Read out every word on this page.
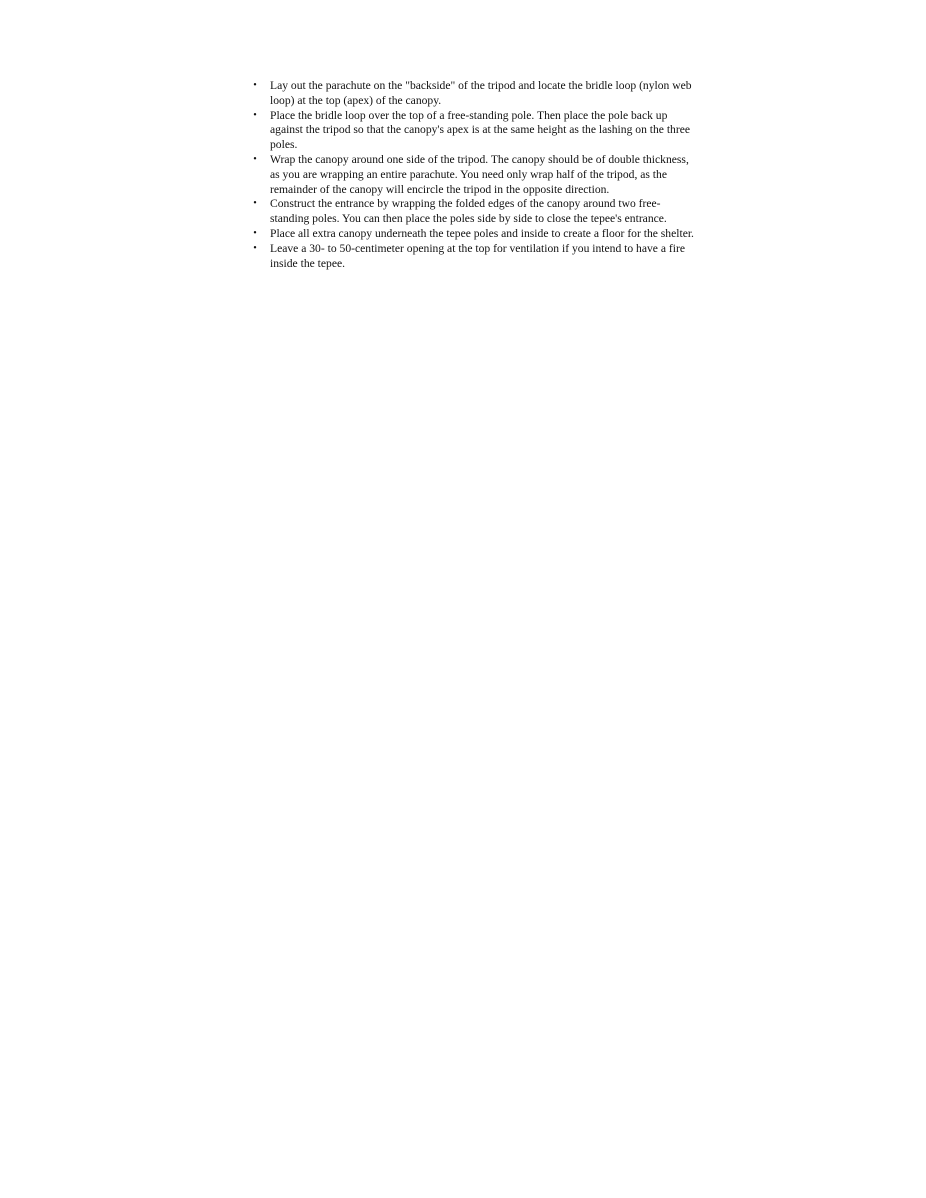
• Lay out the parachute on the "backside" of the tripod and locate the bridle loop (nylon web loop) at the top (apex) of the canopy.
• Place the bridle loop over the top of a free-standing pole. Then place the pole back up against the tripod so that the canopy's apex is at the same height as the lashing on the three poles.
• Wrap the canopy around one side of the tripod. The canopy should be of double thickness, as you are wrapping an entire parachute. You need only wrap half of the tripod, as the remainder of the canopy will encircle the tripod in the opposite direction.
• Construct the entrance by wrapping the folded edges of the canopy around two free-standing poles. You can then place the poles side by side to close the tepee's entrance.
• Place all extra canopy underneath the tepee poles and inside to create a floor for the shelter.
• Leave a 30- to 50-centimeter opening at the top for ventilation if you intend to have a fire inside the tepee.
